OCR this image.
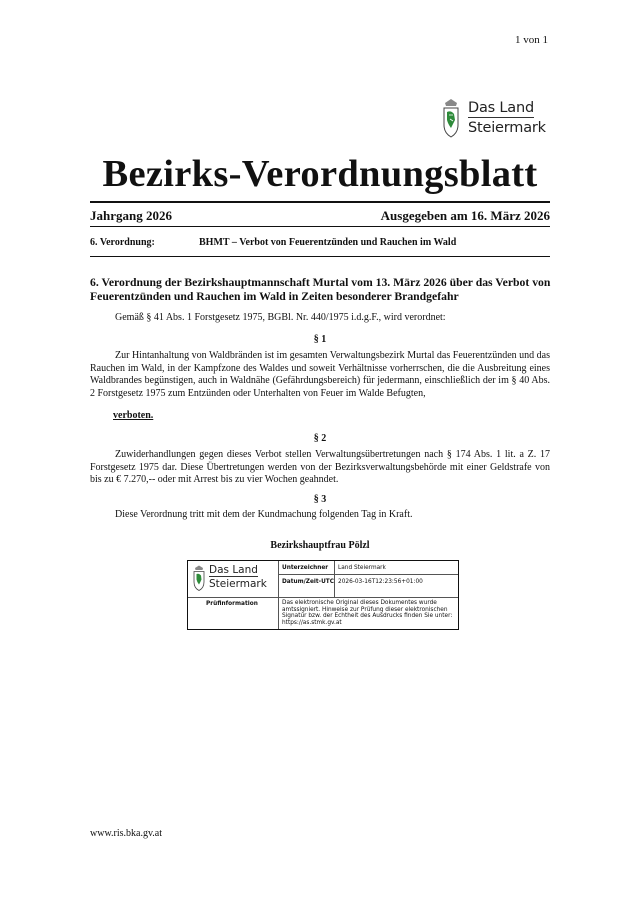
1 von 1
Das Land
Steiermark
Bezirks-Verordnungsblatt
Jahrgang 2026	Ausgegeben am 16. März 2026
6. Verordnung:	BHMT – Verbot von Feuerentzünden und Rauchen im Wald
6. Verordnung der Bezirkshauptmannschaft Murtal vom 13. März 2026 über das Verbot von Feuerentzünden und Rauchen im Wald in Zeiten besonderer Brandgefahr
Gemäß § 41 Abs. 1 Forstgesetz 1975, BGBl. Nr. 440/1975 i.d.g.F., wird verordnet:
§ 1
Zur Hintanhaltung von Waldbränden ist im gesamten Verwaltungsbezirk Murtal das Feuerentzünden und das Rauchen im Wald, in der Kampfzone des Waldes und soweit Verhältnisse vorherrschen, die die Ausbreitung eines Waldbrandes begünstigen, auch in Waldnähe (Gefährdungsbereich) für jedermann, einschließlich der im § 40 Abs. 2 Forstgesetz 1975 zum Entzünden oder Unterhalten von Feuer im Walde Befugten,
verboten.
§ 2
Zuwiderhandlungen gegen dieses Verbot stellen Verwaltungsübertretungen nach § 174 Abs. 1 lit. a Z. 17 Forstgesetz 1975 dar. Diese Übertretungen werden von der Bezirksverwaltungsbehörde mit einer Geldstrafe von bis zu € 7.270,-- oder mit Arrest bis zu vier Wochen geahndet.
§ 3
Diese Verordnung tritt mit dem der Kundmachung folgenden Tag in Kraft.
Bezirkshauptfrau Pölzl
Das Land
Steiermark
Unterzeichner Land Steiermark
Datum/Zeit-UTC 2026-03-16T12:23:56+01:00
Prüfinformation	Das elektronische Original dieses Dokumentes wurde amtssigniert. Hinweise zur Prüfung dieser elektronischen Signatur bzw. der Echtheit des Ausdrucks finden Sie unter: https://as.stmk.gv.at
www.ris.bka.gv.at
